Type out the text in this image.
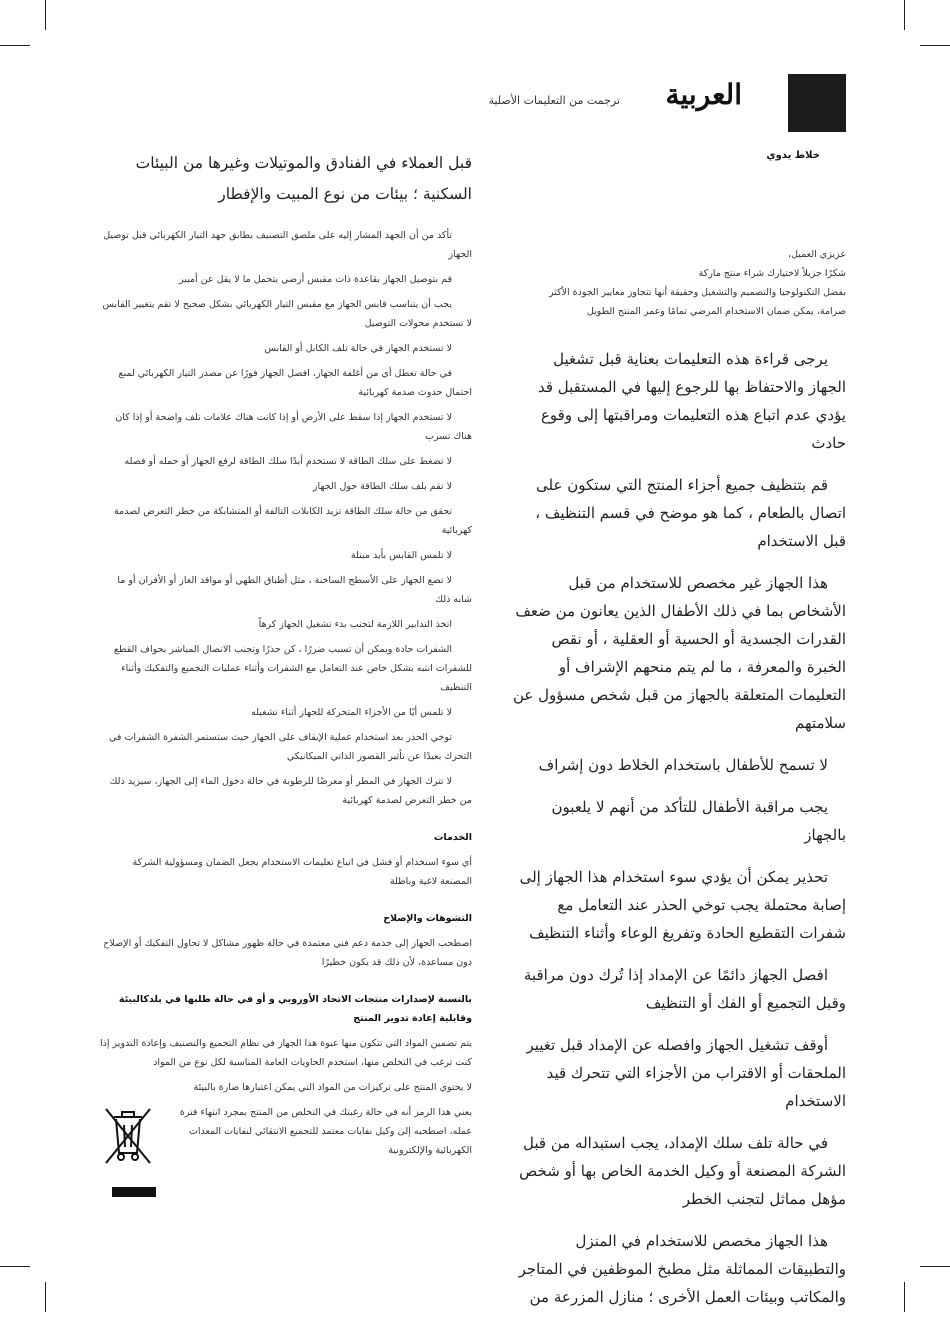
العربية
ترجمت من التعليمات الأصلية
خلاط يدوي

عزيزي العميل،

شكرًا جزيلاً لاختيارك شراء منتج ماركة

بفضل التكنولوجيا والتصميم والتشغيل وحقيقة أنها تتجاوز معايير الجودة الأكثر صرامة، يمكن ضمان الاستخدام المرضي تمامًا وعمر المنتج الطويل

يرجى قراءة هذه التعليمات بعناية قبل تشغيل الجهاز والاحتفاظ بها للرجوع إليها في المستقبل قد يؤدي عدم اتباع هذه التعليمات ومراقبتها إلى وقوع حادث

قم بتنظيف جميع أجزاء المنتج التي ستكون على اتصال بالطعام ، كما هو موضح في قسم التنظيف ، قبل الاستخدام

هذا الجهاز غير مخصص للاستخدام من قبل الأشخاص بما في ذلك الأطفال الذين يعانون من ضعف القدرات الجسدية أو الحسية أو العقلية ، أو نقص الخبرة والمعرفة ، ما لم يتم منحهم الإشراف أو التعليمات المتعلقة بالجهاز من قبل شخص مسؤول عن سلامتهم

لا تسمح للأطفال باستخدام الخلاط دون إشراف

يجب مراقبة الأطفال للتأكد من أنهم لا يلعبون بالجهاز

تحذير يمكن أن يؤدي سوء استخدام هذا الجهاز إلى إصابة محتملة يجب توخي الحذر عند التعامل مع شفرات التقطيع الحادة وتفريغ الوعاء وأثناء التنظيف

افصل الجهاز دائمًا عن الإمداد إذا تُرك دون مراقبة وقبل التجميع أو الفك أو التنظيف

أوقف تشغيل الجهاز وافصله عن الإمداد قبل تغيير الملحقات أو الاقتراب من الأجزاء التي تتحرك قيد الاستخدام

في حالة تلف سلك الإمداد، يجب استبداله من قبل الشركة المصنعة أو وكيل الخدمة الخاص بها أو شخص مؤهل مماثل لتجنب الخطر

هذا الجهاز مخصص للاستخدام في المنزل والتطبيقات المماثلة مثل مطبخ الموظفين في المتاجر والمكاتب وبيئات العمل الأخرى ؛ منازل المزرعة من

قبل العملاء في الفنادق والموتيلات وغيرها من البيئات السكنية ؛ بيئات من نوع المبيت والإفطار

تأكد من أن الجهد المشار إليه على ملصق التصنيف يطابق جهد التيار الكهربائي قبل توصيل الجهاز

قم بتوصيل الجهاز بقاعدة ذات مقبس أرضي يتحمل ما لا يقل عن أمبير

يجب أن يتناسب قابس الجهاز مع مقبس التيار الكهربائي بشكل صحيح لا تقم بتغيير القابس لا تستخدم محولات التوصيل

لا تستخدم الجهاز في حالة تلف الكابل أو القابس

في حالة تعطل أي من أغلفة الجهاز، افصل الجهاز فورًا عن مصدر التيار الكهربائي لمنع احتمال حدوث صدمة كهربائية

لا تستخدم الجهاز إذا سقط على الأرض أو إذا كانت هناك علامات تلف واضحة أو إذا كان هناك تسرب

لا تضغط على سلك الطاقة لا تستخدم أبدًا سلك الطاقة لرفع الجهاز أو حمله أو فصله

لا تقم بلف سلك الطاقة حول الجهاز

تحقق من حالة سلك الطاقة تزيد الكابلات التالفة أو المتشابكة من خطر التعرض لصدمة كهربائية

لا تلمس القابس بأيد مبتلة

لا تضع الجهاز على الأسطح الساخنة ، مثل أطباق الطهي أو مواقد الغاز أو الأفران أو ما شابه ذلك

اتخذ التدابير اللازمة لتجنب بدء تشغيل الجهاز كرهاً

الشفرات حادة ويمكن أن تسبب ضررًا ، كن حذرًا وتجنب الاتصال المباشر بحواف القطع للشفرات انتبه بشكل خاص عند التعامل مع الشفرات وأثناء عمليات التجميع والتفكيك وأثناء التنظيف

لا تلمس أيًا من الأجزاء المتحركة للجهاز أثناء تشغيله

توخي الحذر بعد استخدام عملية الإيقاف على الجهاز حيث ستستمر الشفرة الشفرات في التحرك بعيدًا عن تأثير القصور الذاتي الميكانيكي

لا تترك الجهاز في المطر أو معرضًا للرطوبة في حالة دخول الماء إلى الجهاز، سيزيد ذلك من خطر التعرض لصدمة كهربائية

الخدمات

أي سوء استخدام أو فشل في اتباع تعليمات الاستخدام يجعل الضمان ومسؤولية الشركة المصنعة لاغية وباطلة

التشوهات والإصلاح

اصطحب الجهاز إلى خدمة دعم فني معتمدة في حالة ظهور مشاكل لا تحاول التفكيك أو الإصلاح دون مساعدة، لأن ذلك قد يكون خطيرًا

بالنسبة لإصدارات منتجات الاتحاد الأوروبي و أو في حالة طلبها في بلدكالبيئة وقابلية إعادة تدوير المنتج

يتم تضمين المواد التي تتكون منها عبوة هذا الجهاز في نظام التجميع والتصنيف وإعادة التدوير إذا كنت ترغب في التخلص منها، استخدم الحاويات العامة المناسبة لكل نوع من المواد

لا يحتوي المنتج على تركيزات من المواد التي يمكن اعتبارها ضارة بالبيئة

يعني هذا الرمز أنه في حالة رغبتك في التخلص من المنتج بمجرد انتهاء فترة عمله، اصطحبه إلى وكيل نفايات معتمد للتجميع الانتقائي لنفايات المعدات الكهربائية والإلكترونية
